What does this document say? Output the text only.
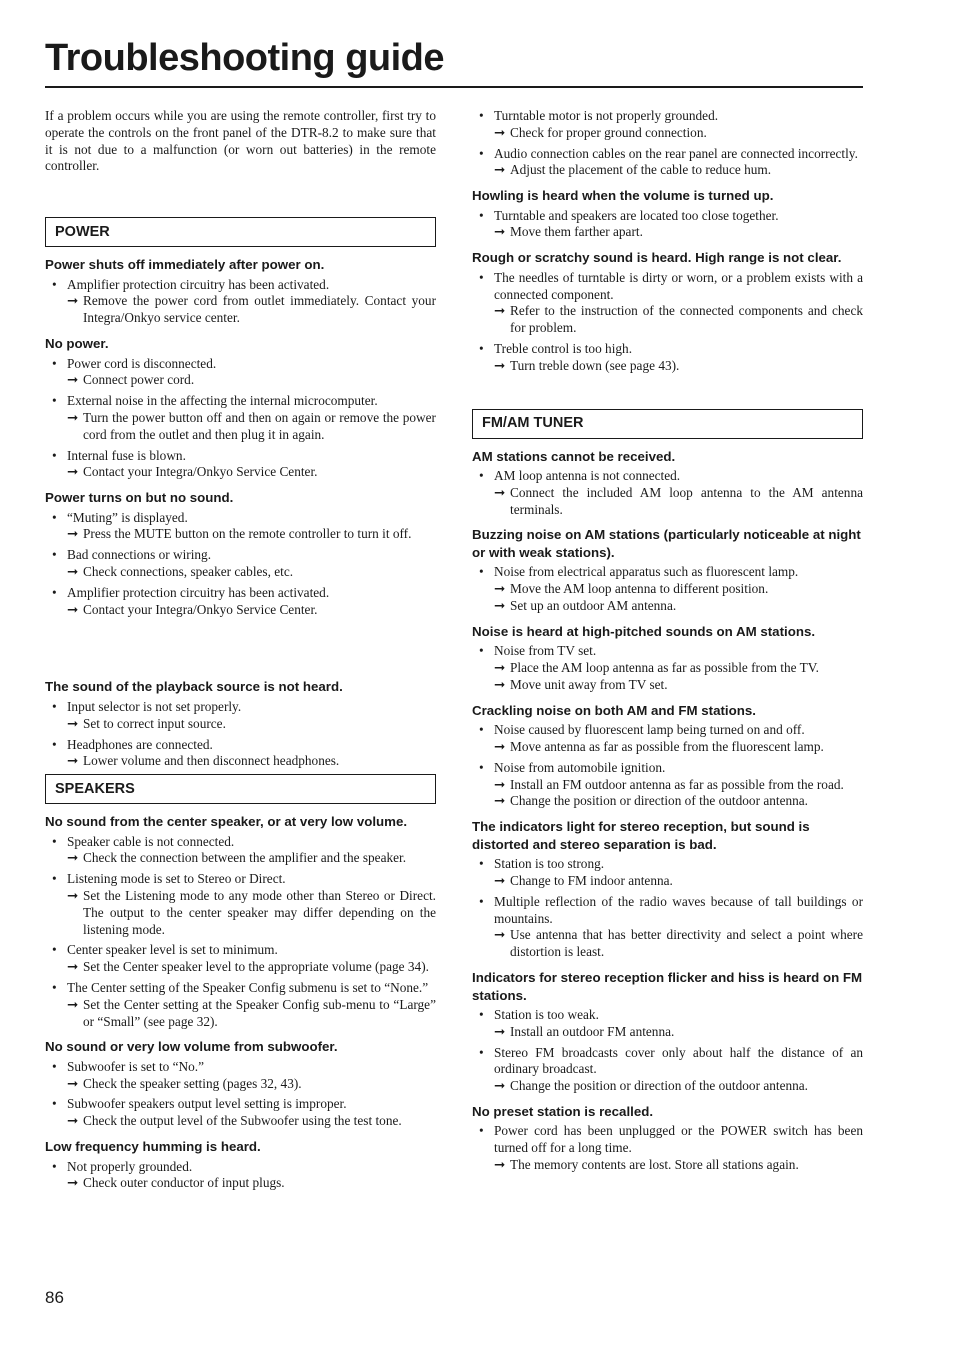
Troubleshooting guide

If a problem occurs while you are using the remote controller, first try to operate the controls on the front panel of the DTR-8.2 to make sure that it is not due to a malfunction (or worn out batteries) in the remote controller.

POWER
Power shuts off immediately after power on.
• Amplifier protection circuitry has been activated.
➞ Remove the power cord from outlet immediately. Contact your Integra/Onkyo service center.
No power.
• Power cord is disconnected.
➞ Connect power cord.
• External noise in the affecting the internal microcomputer.
➞ Turn the power button off and then on again or remove the power cord from the outlet and then plug it in again.
• Internal fuse is blown.
➞ Contact your Integra/Onkyo Service Center.
Power turns on but no sound.
• “Muting” is displayed.
➞ Press the MUTE button on the remote controller to turn it off.
• Bad connections or wiring.
➞ Check connections, speaker cables, etc.
• Amplifier protection circuitry has been activated.
➞ Contact your Integra/Onkyo Service Center.
The sound of the playback source is not heard.
• Input selector is not set properly.
➞ Set to correct input source.
• Headphones are connected.
➞ Lower volume and then disconnect headphones.
SPEAKERS
No sound from the center speaker, or at very low volume.
• Speaker cable is not connected.
➞ Check the connection between the amplifier and the speaker.
• Listening mode is set to Stereo or Direct.
➞ Set the Listening mode to any mode other than Stereo or Direct. The output to the center speaker may differ depending on the listening mode.
• Center speaker level is set to minimum.
➞ Set the Center speaker level to the appropriate volume (page 34).
• The Center setting of the Speaker Config submenu is set to “None.”
➞ Set the Center setting at the Speaker Config sub-menu to “Large” or “Small” (see page 32).
No sound or very low volume from subwoofer.
• Subwoofer is set to “No.”
➞ Check the speaker setting (pages 32, 43).
• Subwoofer speakers output level setting is improper.
➞ Check the output level of the Subwoofer using the test tone.
Low frequency humming is heard.
• Not properly grounded.
➞ Check outer conductor of input plugs.
• Turntable motor is not properly grounded.
➞ Check for proper ground connection.
• Audio connection cables on the rear panel are connected incorrectly.
➞ Adjust the placement of the cable to reduce hum.
Howling is heard when the volume is turned up.
• Turntable and speakers are located too close together.
➞ Move them farther apart.
Rough or scratchy sound is heard. High range is not clear.
• The needles of turntable is dirty or worn, or a problem exists with a connected component.
➞ Refer to the instruction of the connected components and check for problem.
• Treble control is too high.
➞ Turn treble down (see page 43).
FM/AM TUNER
AM stations cannot be received.
• AM loop antenna is not connected.
➞ Connect the included AM loop antenna to the AM antenna terminals.
Buzzing noise on AM stations (particularly noticeable at night or with weak stations).
• Noise from electrical apparatus such as fluorescent lamp.
➞ Move the AM loop antenna to different position.
➞ Set up an outdoor AM antenna.
Noise is heard at high-pitched sounds on AM stations.
• Noise from TV set.
➞ Place the AM loop antenna as far as possible from the TV.
➞ Move unit away from TV set.
Crackling noise on both AM and FM stations.
• Noise caused by fluorescent lamp being turned on and off.
➞ Move antenna as far as possible from the fluorescent lamp.
• Noise from automobile ignition.
➞ Install an FM outdoor antenna as far as possible from the road.
➞ Change the position or direction of the outdoor antenna.
The indicators light for stereo reception, but sound is distorted and stereo separation is bad.
• Station is too strong.
➞ Change to FM indoor antenna.
• Multiple reflection of the radio waves because of tall buildings or mountains.
➞ Use antenna that has better directivity and select a point where distortion is least.
Indicators for stereo reception flicker and hiss is heard on FM stations.
• Station is too weak.
➞ Install an outdoor FM antenna.
• Stereo FM broadcasts cover only about half the distance of an ordinary broadcast.
➞ Change the position or direction of the outdoor antenna.
No preset station is recalled.
• Power cord has been unplugged or the POWER switch has been turned off for a long time.
➞ The memory contents are lost. Store all stations again.
86
